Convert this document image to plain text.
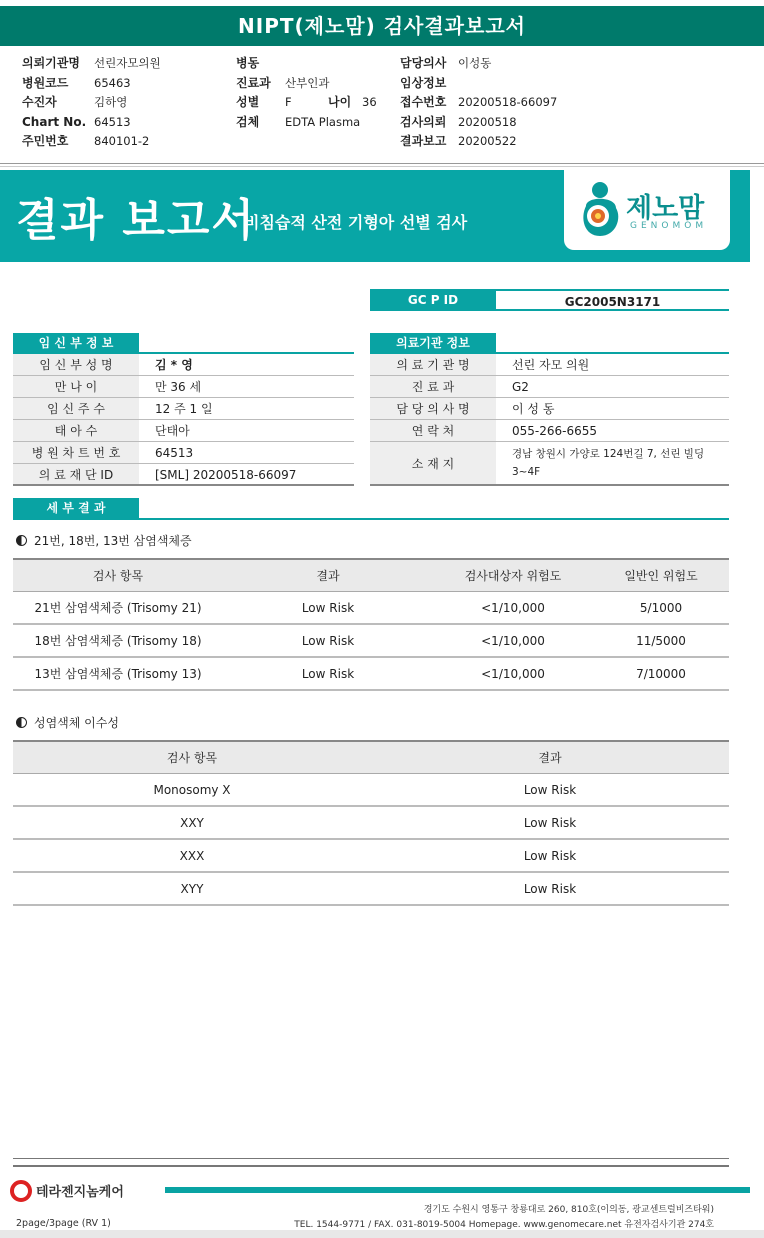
NIPT(제노맘) 검사결과보고서
의뢰기관명 선린자모의원
병원코드 65463
수진자	김하영
Chart No. 64513
주민번호 840101-2
병동
진료과 산부인과
성별 F	나이 36
검체 EDTA Plasma
담당의사 이성동
임상정보
접수번호 20200518-66097
검사의뢰 20200518
결과보고 20200522
결과 보고서
비침습적 산전 기형아 선별 검사	제노맘
GENOMOM
GC P ID	GC2005N3171
임 신 부 정 보	의료기관 정보
임 신 부 성 명	김 * 영
만 나 이	만 36 세
임 신 주 수	12 주 1 일
태 아 수	단태아
병 원 차 트 번 호	64513
의 료 재 단 ID	[SML] 20200518-66097
의 료 기 관 명	선린 자모 의원
진 료 과	G2
담 당 의 사 명	이 성 동
연 락 처	055-266-6655
소 재 지
경남 창원시 가양로 124번길 7, 선린 빌딩
3~4F
세 부 결 과
21번, 18번, 13번 삼염색체증
검사 항목	결과	검사대상자 위험도	일반인 위험도
21번 삼염색체증 (Trisomy 21)	Low Risk	<1/10,000	5/1000
18번 삼염색체증 (Trisomy 18)	Low Risk	<1/10,000	11/5000
13번 삼염색체증 (Trisomy 13)	Low Risk	<1/10,000	7/10000
성염색체 이수성
검사 항목	결과
Monosomy X	Low Risk
XXY	Low Risk
XXX	Low Risk
XYY	Low Risk
테라젠지놈케어
경기도 수원시 영통구 창룡대로 260, 810호(이의동, 광교센트럴비즈타워)
TEL. 1544-9771 / FAX. 031-8019-5004 Homepage. www.genomecare.net 유전자검사기관 274호
2page/3page (RV 1)
